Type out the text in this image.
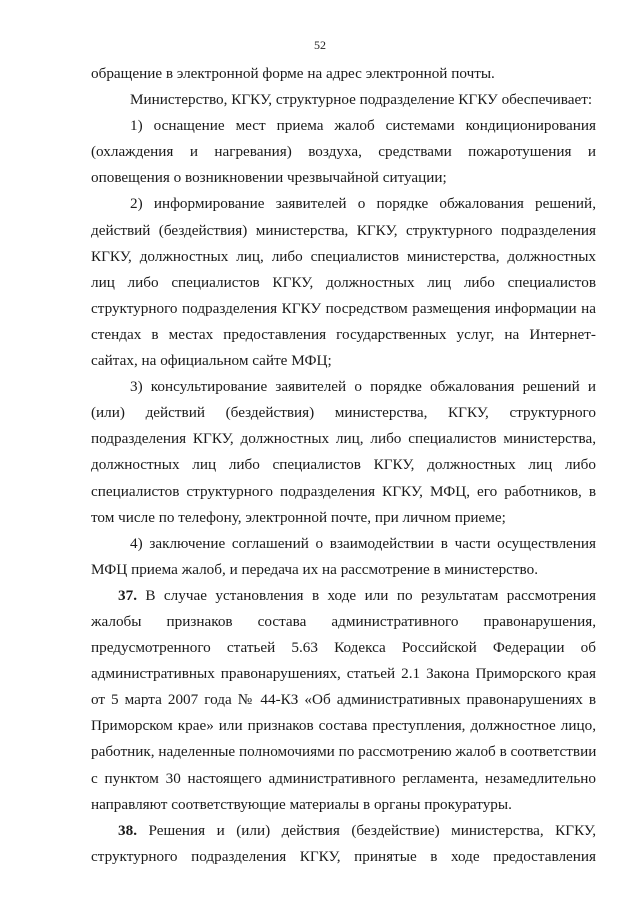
52
обращение в электронной форме на адрес электронной почты.
Министерство, КГКУ, структурное подразделение КГКУ обеспечивает:
1) оснащение мест приема жалоб системами кондиционирования
(охлаждения и нагревания) воздуха, средствами пожаротушения и
оповещения о возникновении чрезвычайной ситуации;
2) информирование заявителей о порядке обжалования решений,
действий (бездействия) министерства, КГКУ, структурного подразделения
КГКУ, должностных лиц, либо специалистов министерства, должностных
лиц либо специалистов КГКУ, должностных лиц либо специалистов
структурного подразделения КГКУ посредством размещения информации на
стендах в местах предоставления государственных услуг, на Интернет-
сайтах, на официальном сайте МФЦ;
3) консультирование заявителей о порядке обжалования решений и
(или) действий (бездействия) министерства, КГКУ, структурного
подразделения КГКУ, должностных лиц, либо специалистов министерства,
должностных лиц либо специалистов КГКУ, должностных лиц либо
специалистов структурного подразделения КГКУ, МФЦ, его работников, в
том числе по телефону, электронной почте, при личном приеме;
4) заключение соглашений о взаимодействии в части осуществления
МФЦ приема жалоб, и передача их на рассмотрение в министерство.
37. В случае установления в ходе или по результатам рассмотрения
жалобы признаков состава административного правонарушения,
предусмотренного статьей 5.63 Кодекса Российской Федерации об
административных правонарушениях, статьей 2.1 Закона Приморского края
от 5 марта 2007 года № 44-КЗ «Об административных правонарушениях в
Приморском крае» или признаков состава преступления, должностное лицо,
работник, наделенные полномочиями по рассмотрению жалоб в соответствии
с пунктом 30 настоящего административного регламента, незамедлительно
направляют соответствующие материалы в органы прокуратуры.
38. Решения и (или) действия (бездействие) министерства, КГКУ,
структурного подразделения КГКУ, принятые в ходе предоставления
